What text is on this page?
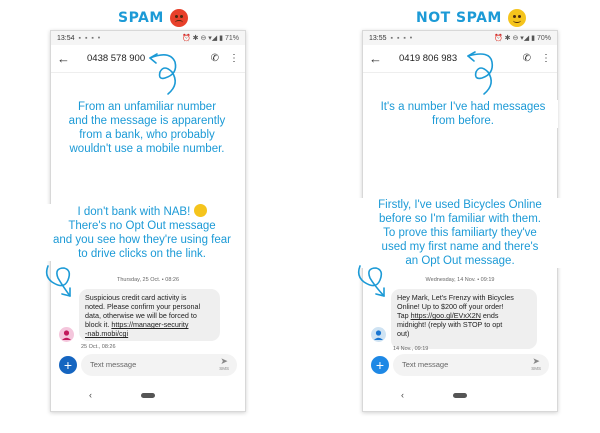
SPAM	NOT SPAM
13:54 ▪ ▪ ▪ •	⏰ ✱ ⊖ ▾◢ ▮ 71%
←	0438 578 900	✆ ⋮
Thursday, 25 Oct. • 08:26
Suspicious credit card activity is
noted. Please confirm your personal
data, otherwise we will be forced to
block it. https://manager-security
-nab.mobi/cgi
25 Oct., 08:26
+	Text message	➤
SMS
‹
13:55 ▪ ▪ ▪ •	⏰ ✱ ⊖ ▾◢ ▮ 70%
←	0419 806 983	✆ ⋮
Wednesday, 14 Nov. • 09:19
Hey Mark, Let's Frenzy with Bicycles
Online! Up to $200 off your order!
Tap https://goo.gl/EVxX2N ends
midnight! (reply with STOP to opt
out)
14 Nov., 09:19
+	Text message	➤
SMS
‹
From an unfamiliar number
and the message is apparently
from a bank, who probably
wouldn't use a mobile number.
I don't bank with NAB!
There's no Opt Out message
and you see how they're using fear
to drive clicks on the link.
It's a number I've had messages
from before.
Firstly, I've used Bicycles Online
before so I'm familiar with them.
To prove this familiarty they've
used my first name and there's
an Opt Out message.
